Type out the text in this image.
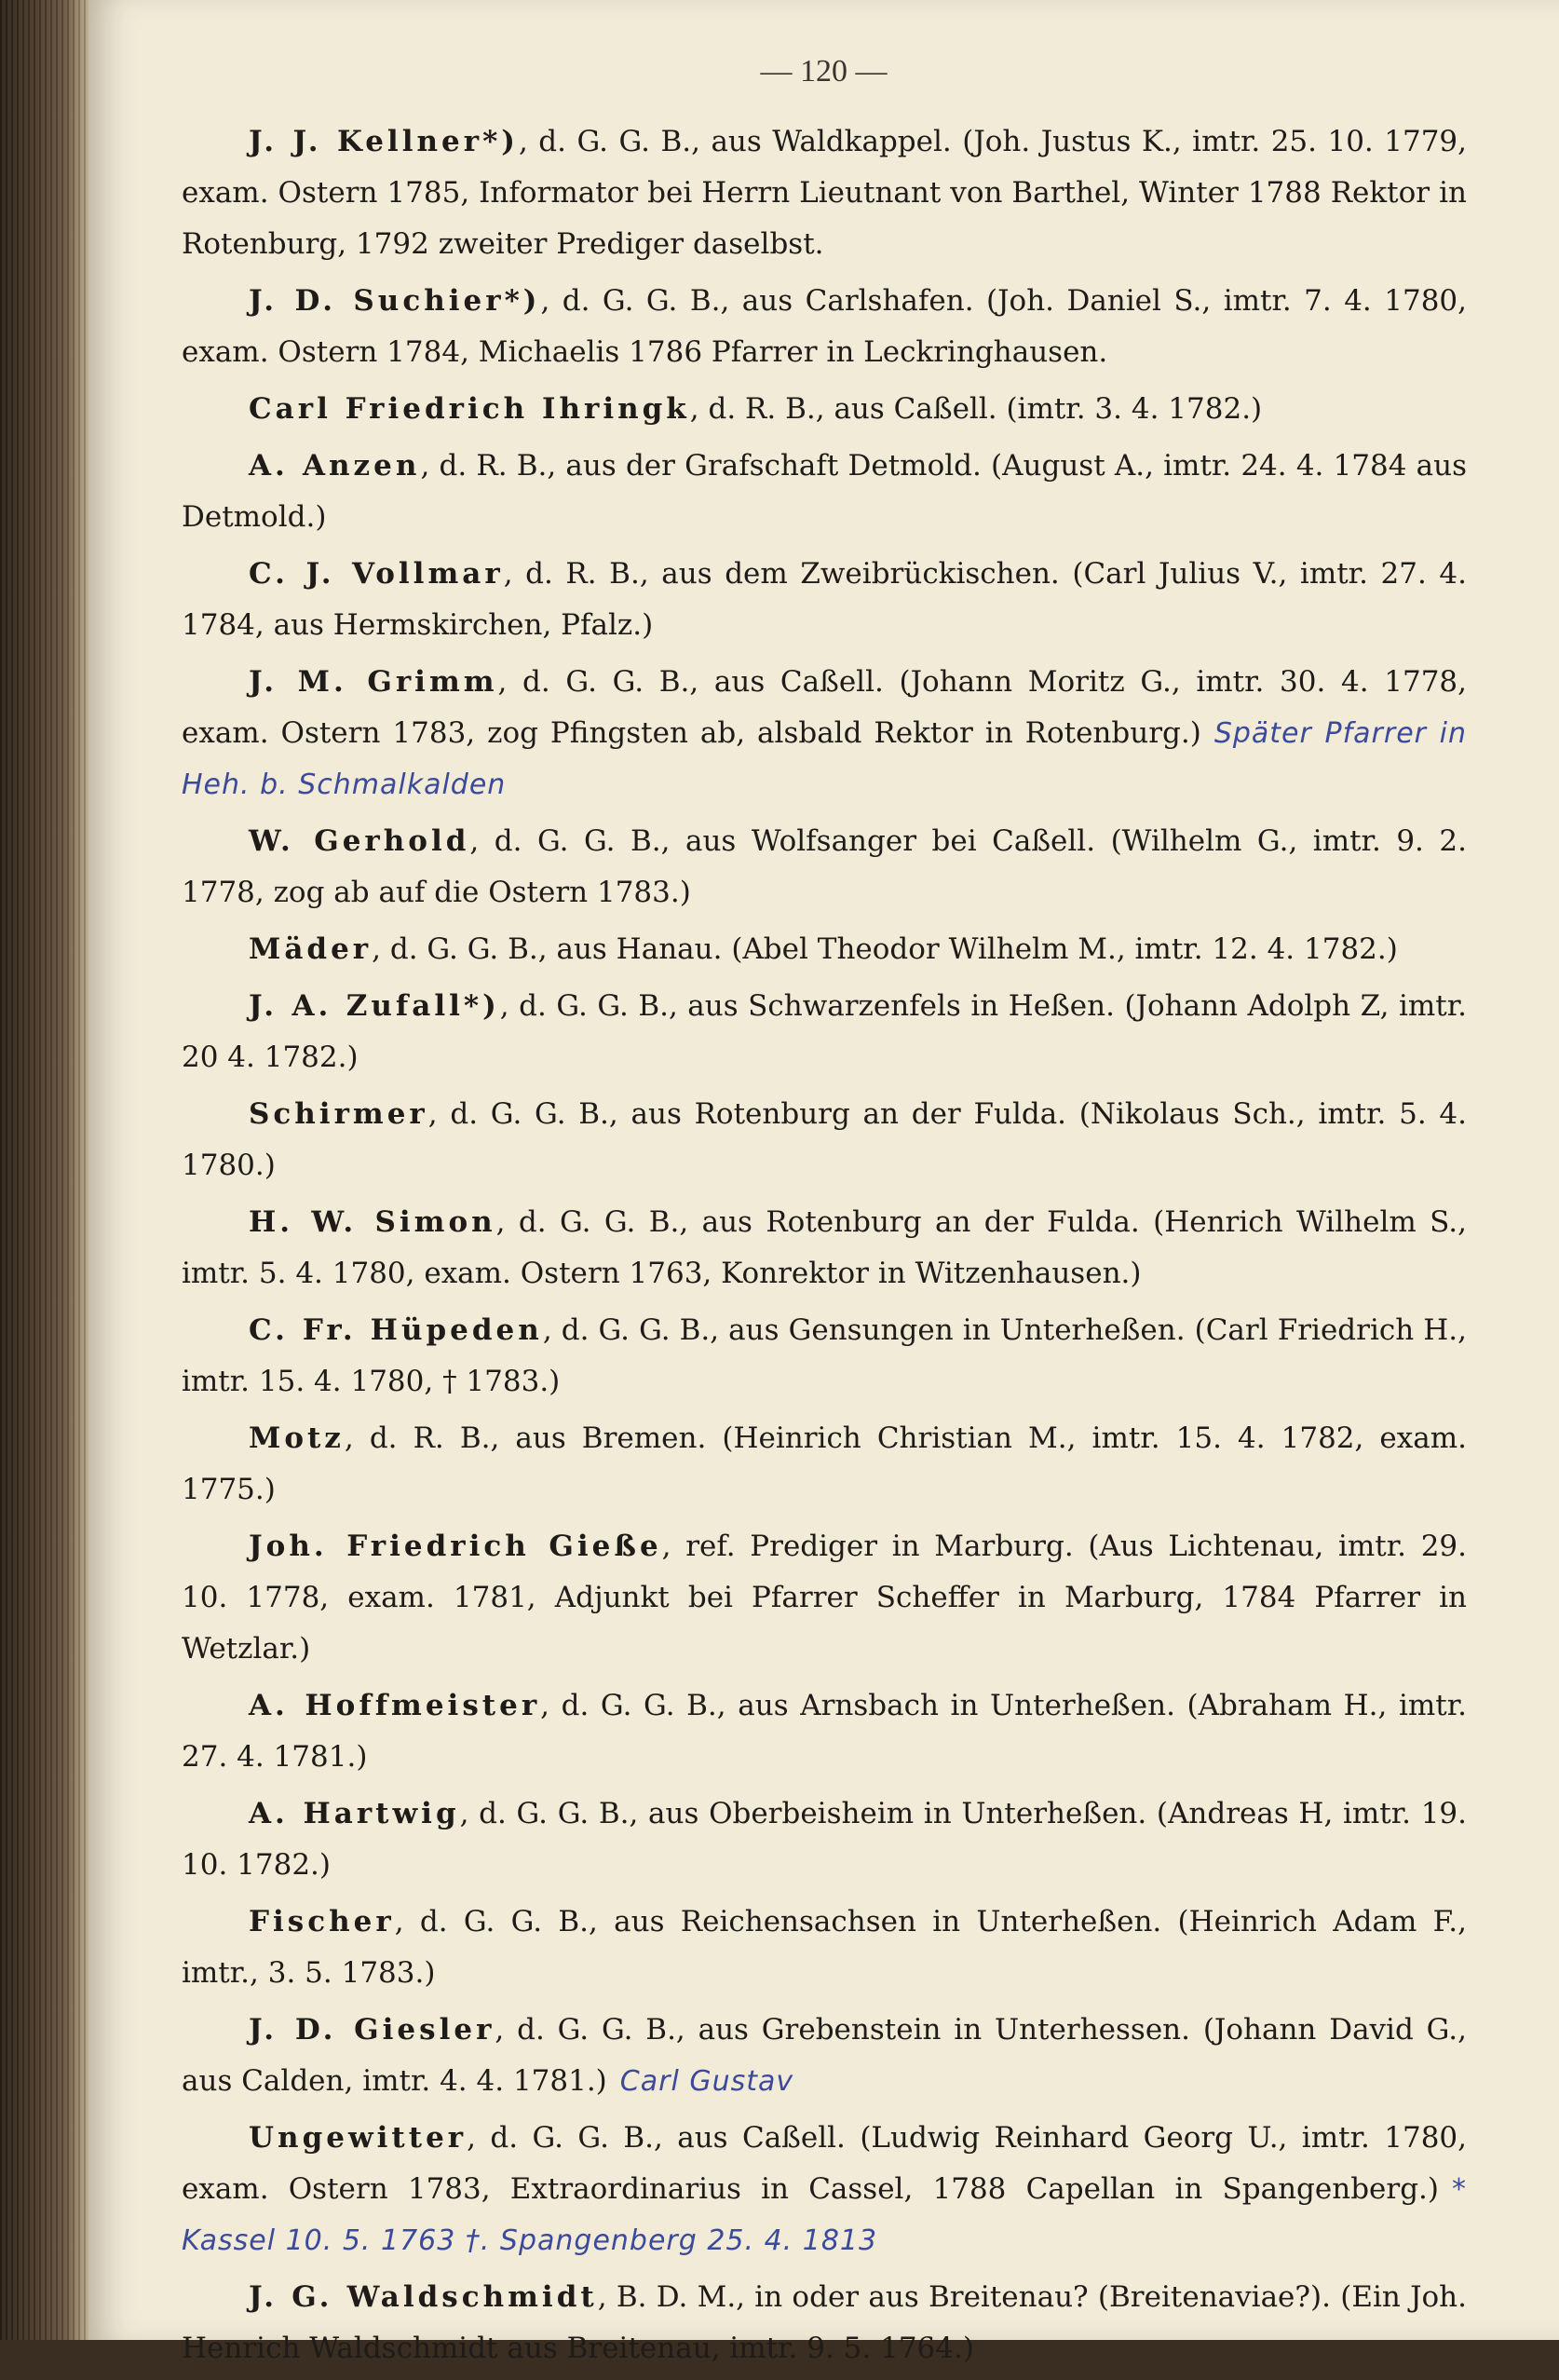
— 120 —

J. J. Kellner*), d. G. G. B., aus Waldkappel. (Joh. Justus K., imtr. 25. 10. 1779, exam. Ostern 1785, Informator bei Herrn Lieutnant von Barthel, Winter 1788 Rektor in Rotenburg, 1792 zweiter Prediger daselbst.

J. D. Suchier*), d. G. G. B., aus Carlshafen. (Joh. Daniel S., imtr. 7. 4. 1780, exam. Ostern 1784, Michaelis 1786 Pfarrer in Leckringhausen.

Carl Friedrich Ihringk, d. R. B., aus Caßell. (imtr. 3. 4. 1782.)

A. Anzen, d. R. B., aus der Grafschaft Detmold. (August A., imtr. 24. 4. 1784 aus Detmold.)

C. J. Vollmar, d. R. B., aus dem Zweibrückischen. (Carl Julius V., imtr. 27. 4. 1784, aus Hermskirchen, Pfalz.)

J. M. Grimm, d. G. G. B., aus Caßell. (Johann Moritz G., imtr. 30. 4. 1778, exam. Ostern 1783, zog Pfingsten ab, alsbald Rektor in Rotenburg.) Später Pfarrer in Heh. b. Schmalkalden

W. Gerhold, d. G. G. B., aus Wolfsanger bei Caßell. (Wilhelm G., imtr. 9. 2. 1778, zog ab auf die Ostern 1783.)

Mäder, d. G. G. B., aus Hanau. (Abel Theodor Wilhelm M., imtr. 12. 4. 1782.)

J. A. Zufall*), d. G. G. B., aus Schwarzenfels in Heßen. (Johann Adolph Z, imtr. 20 4. 1782.)

Schirmer, d. G. G. B., aus Rotenburg an der Fulda. (Nikolaus Sch., imtr. 5. 4. 1780.)

H. W. Simon, d. G. G. B., aus Rotenburg an der Fulda. (Henrich Wilhelm S., imtr. 5. 4. 1780, exam. Ostern 1763, Konrektor in Witzenhausen.)

C. Fr. Hüpeden, d. G. G. B., aus Gensungen in Unterheßen. (Carl Friedrich H., imtr. 15. 4. 1780, † 1783.)

Motz, d. R. B., aus Bremen. (Heinrich Christian M., imtr. 15. 4. 1782, exam. 1775.)

Joh. Friedrich Gieße, ref. Prediger in Marburg. (Aus Lichtenau, imtr. 29. 10. 1778, exam. 1781, Adjunkt bei Pfarrer Scheffer in Marburg, 1784 Pfarrer in Wetzlar.)

A. Hoffmeister, d. G. G. B., aus Arnsbach in Unterheßen. (Abraham H., imtr. 27. 4. 1781.)

A. Hartwig, d. G. G. B., aus Oberbeisheim in Unterheßen. (Andreas H, imtr. 19. 10. 1782.)

Fischer, d. G. G. B., aus Reichensachsen in Unterheßen. (Heinrich Adam F., imtr., 3. 5. 1783.)

J. D. Giesler, d. G. G. B., aus Grebenstein in Unterhessen. (Johann David G., aus Calden, imtr. 4. 4. 1781.) Carl Gustav

Ungewitter, d. G. G. B., aus Caßell. (Ludwig Reinhard Georg U., imtr. 1780, exam. Ostern 1783, Extraordinarius in Cassel, 1788 Capellan in Spangenberg.) * Kassel 10. 5. 1763 †. Spangenberg 25. 4. 1813

J. G. Waldschmidt, B. D. M., in oder aus Breitenau? (Breitenaviae?). (Ein Joh. Henrich Waldschmidt aus Breitenau, imtr. 9. 5. 1764.)
